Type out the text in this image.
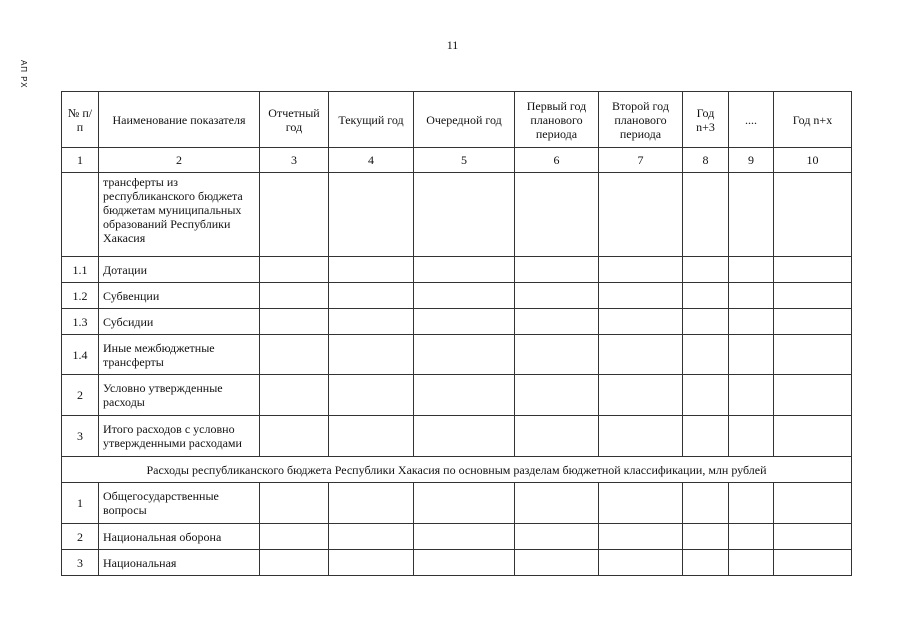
11
АП РХ
№ п/п	Наименование показателя	Отчетный год	Текущий год	Очередной год	Первый год планового периода	Второй год планового периода	Год n+3	....	Год n+x
1	2	3	4	5	6	7	8	9	10
	трансферты из республиканского бюджета бюджетам муниципальных образований Республики Хакасия								
1.1	Дотации								
1.2	Субвенции								
1.3	Субсидии								
1.4	Иные межбюджетные трансферты								
2	Условно утвержденные расходы								
3	Итого расходов с условно утвержденными расходами								
Расходы республиканского бюджета Республики Хакасия по основным разделам бюджетной классификации, млн рублей									
1	Общегосударственные вопросы								
2	Национальная оборона								
3	Национальная								
